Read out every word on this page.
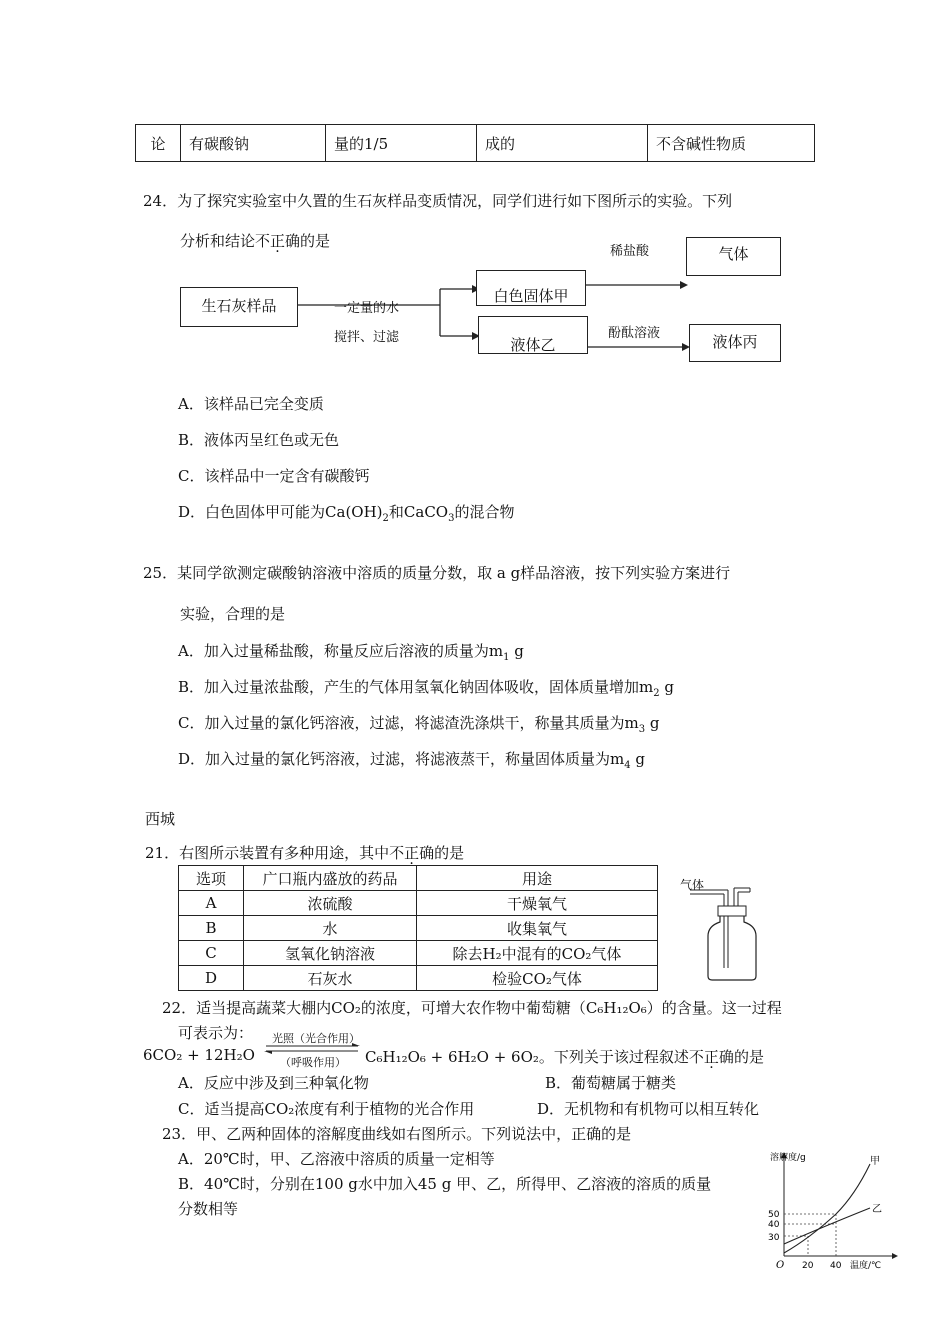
论	有碳酸钠	量的1/5	成的	不含碱性物质
24．为了探究实验室中久置的生石灰样品变质情况，同学们进行如下图所示的实验。下列
分析和结论不正确的是
生石灰样品	一定量的水
搅拌、过滤
白色固体甲
液体乙
稀盐酸
酚酞溶液
气体
液体丙
A．该样品已完全变质
B．液体丙呈红色或无色
C．该样品中一定含有碳酸钙
D．白色固体甲可能为$Ca(OH)_2$和CaCO$_3$的混合物
25．某同学欲测定碳酸钠溶液中溶质的质量分数，取 a g样品溶液，按下列实验方案进行
实验，合理的是
A．加入过量稀盐酸，称量反应后溶液的质量为$m_1$ g
B．加入过量浓盐酸，产生的气体用氢氧化钠固体吸收，固体质量增加$m_2$ g
C．加入过量的氯化钙溶液，过滤，将滤渣洗涤烘干，称量其质量为$m_3$ g
D．加入过量的氯化钙溶液，过滤，将滤液蒸干，称量固体质量为$m_4$ g
西城
21．右图所示装置有多种用途，其中不正确的是
选项	广口瓶内盛放的药品	用途
A	浓硫酸	干燥氧气
B	水	收集氧气
C	氢氧化钠溶液	除去H₂中混有的CO₂气体
D	石灰水	检验CO₂气体
气体
22．适当提高蔬菜大棚内CO₂的浓度，可增大农作物中葡萄糖（C₆H₁₂O₆）的含量。这一过程
可表示为： 光照（光合作用）
（呼吸作用）
6CO₂ + 12H₂O	C₆H₁₂O₆ + 6H₂O + 6O₂。下列关于该过程叙述不正确的是
A．反应中涉及到三种氧化物	B．葡萄糖属于糖类
C．适当提高CO₂浓度有利于植物的光合作用	D．无机物和有机物可以相互转化
23．甲、乙两种固体的溶解度曲线如右图所示。下列说法中，正确的是
A．20℃时，甲、乙溶液中溶质的质量一定相等
B．40℃时，分别在100 g水中加入45 g 甲、乙，所得甲、乙溶液的溶质的质量
分数相等
溶解度/g
温度/℃
O 20 40
30
40
50
甲
乙
